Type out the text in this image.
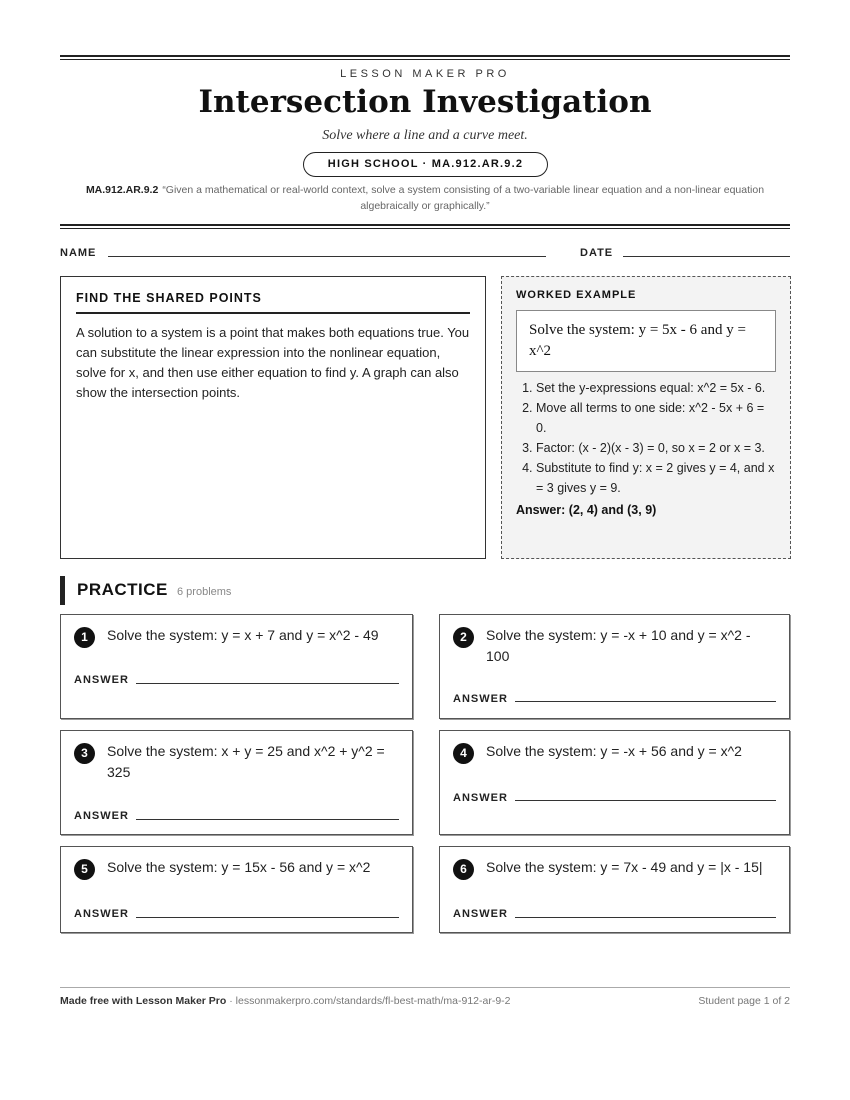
LESSON MAKER PRO
Intersection Investigation
Solve where a line and a curve meet.
HIGH SCHOOL · MA.912.AR.9.2
MA.912.AR.9.2 “Given a mathematical or real-world context, solve a system consisting of a two-variable linear equation and a non-linear equation algebraically or graphically.”
NAME	DATE
FIND THE SHARED POINTS

A solution to a system is a point that makes both equations true. You can substitute the linear expression into the nonlinear equation, solve for x, and then use either equation to find y. A graph can also show the intersection points.

WORKED EXAMPLE
Solve the system: y = 5x - 6 and y = x^2
1. Set the y-expressions equal: x^2 = 5x - 6.
2. Move all terms to one side: x^2 - 5x + 6 = 0.
3. Factor: (x - 2)(x - 3) = 0, so x = 2 or x = 3.
4. Substitute to find y: x = 2 gives y = 4, and x = 3 gives y = 9.
Answer: (2, 4) and (3, 9)
PRACTICE 6 problems
1	Solve the system: y = x + 7 and y = x^2 - 49
ANSWER
2	Solve the system: y = -x + 10 and y = x^2 - 100
ANSWER
3	Solve the system: x + y = 25 and x^2 + y^2 = 325
ANSWER
4	Solve the system: y = -x + 56 and y = x^2
ANSWER
5	Solve the system: y = 15x - 56 and y = x^2
ANSWER
6	Solve the system: y = 7x - 49 and y = |x - 15|
ANSWER
Made free with Lesson Maker Pro · lessonmakerpro.com/standards/fl-best-math/ma-912-ar-9-2	Student page 1 of 2
